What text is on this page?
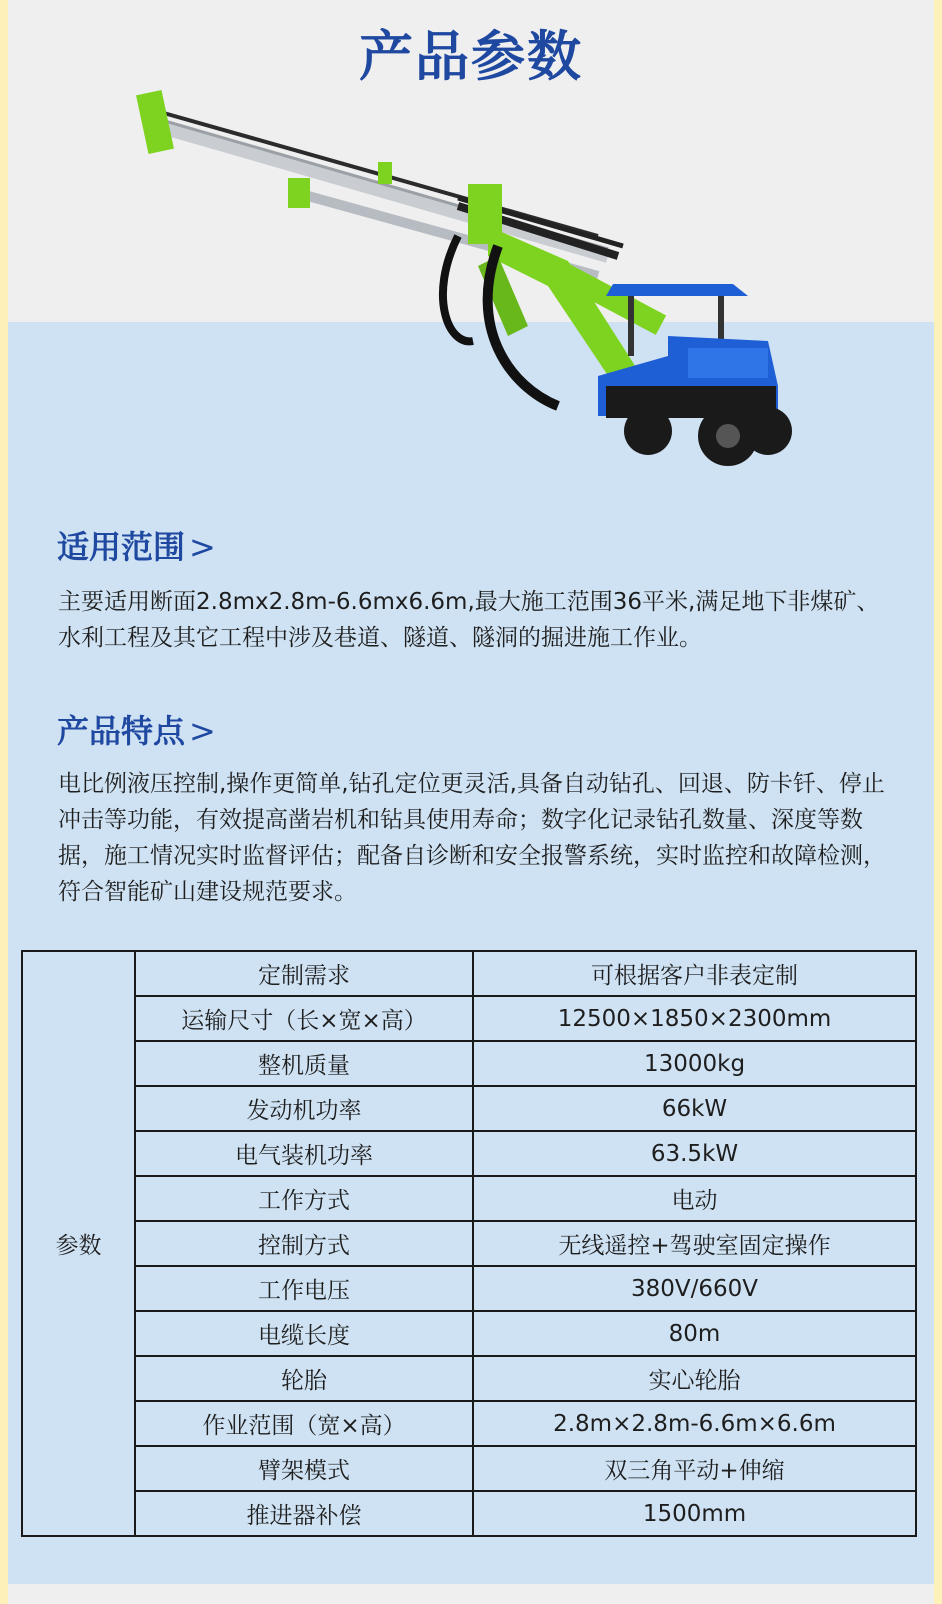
产品参数
适用范围 >

主要适用断面2.8mx2.8m-6.6mx6.6m,最大施工范围36平米,满足地下非煤矿、水利工程及其它工程中涉及巷道、隧道、隧洞的掘进施工作业。

产品特点 >

电比例液压控制,操作更简单,钻孔定位更灵活,具备自动钻孔、回退、防卡钎、停止冲击等功能，有效提高凿岩机和钻具使用寿命；数字化记录钻孔数量、深度等数据，施工情况实时监督评估；配备自诊断和安全报警系统，实时监控和故障检测，符合智能矿山建设规范要求。

参数	定制需求	可根据客户非表定制
	运输尺寸（长×宽×高）	12500×1850×2300mm
	整机质量	13000kg
	发动机功率	66kW
	电气装机功率	63.5kW
	工作方式	电动
	控制方式	无线遥控+驾驶室固定操作
	工作电压	380V/660V
	电缆长度	80m
	轮胎	实心轮胎
	作业范围（宽×高）	2.8m×2.8m-6.6m×6.6m
	臂架模式	双三角平动+伸缩
	推进器补偿	1500mm
